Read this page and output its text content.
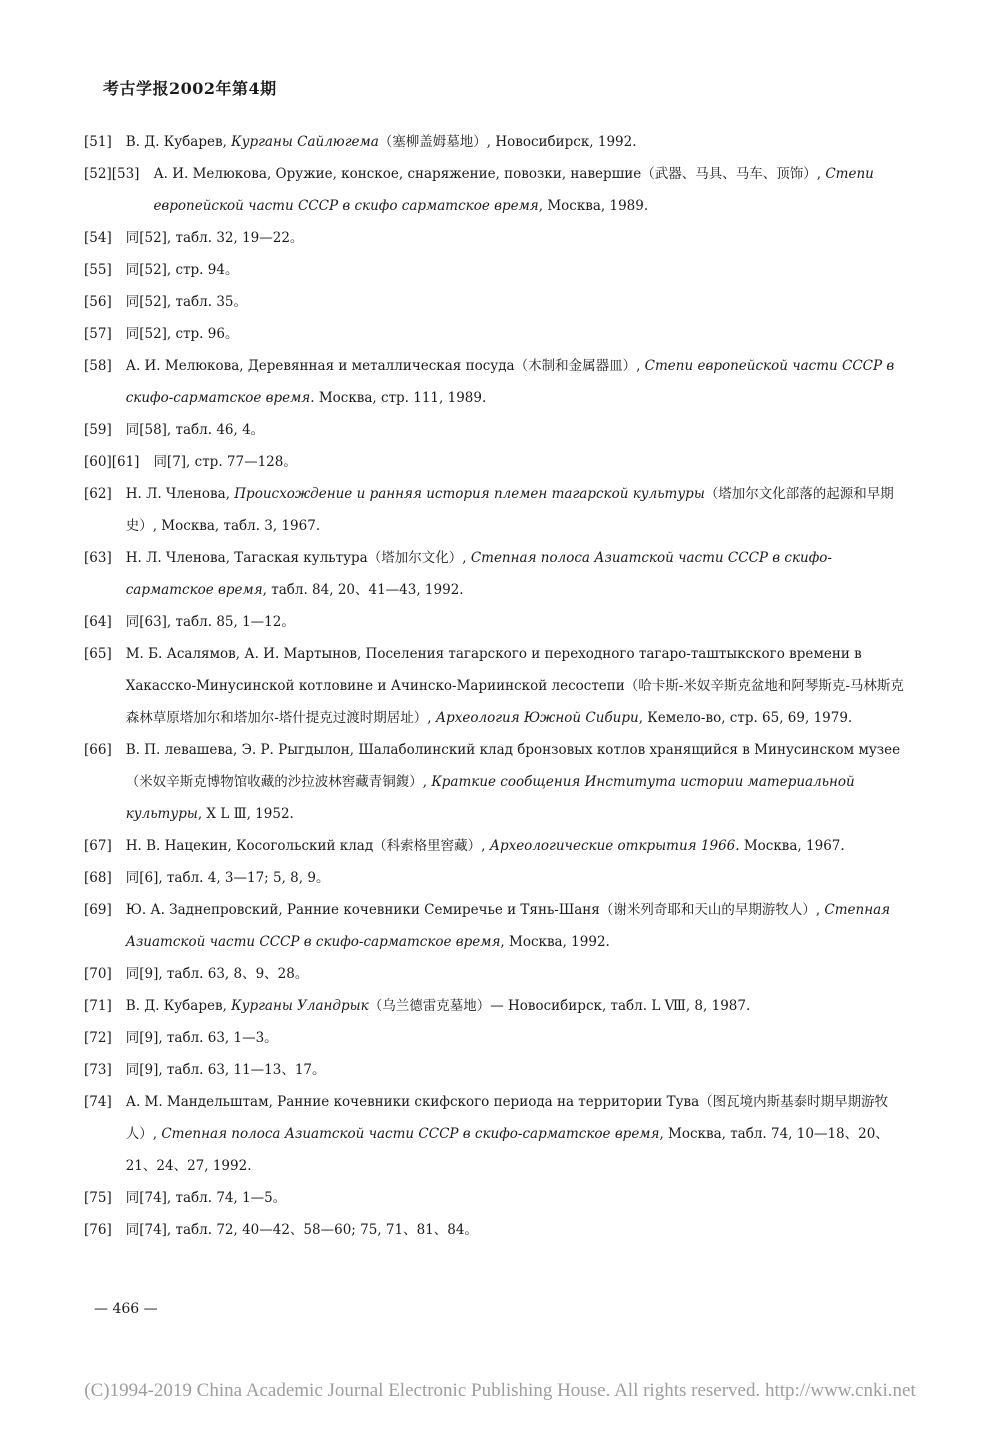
考古学报2002年第4期
[51] В. Д. Кубарев, Курганы Сайлюгема（塞柳盖姆墓地）, Новосибирск, 1992.
[52][53] А. И. Мелюкова, Оружие, конское, снаряжение, повозки, навершие（武器、马具、马车、顶饰）, Степи европейской части СССР в скифо сарматское время, Москва, 1989.
[54] 同[52], табл. 32, 19—22。
[55] 同[52], стр. 94。
[56] 同[52], табл. 35。
[57] 同[52], стр. 96。
[58] А. И. Мелюкова, Деревянная и металлическая посуда（木制和金属器皿）, Степи европейской части СССР в скифо-сарматское время. Москва, стр. 111, 1989.
[59] 同[58], табл. 46, 4。
[60][61] 同[7], стр. 77—128。
[62] Н. Л. Членова, Происхождение и ранняя история племен тагарской культуры（塔加尔文化部落的起源和早期史）, Москва, табл. 3, 1967.
[63] Н. Л. Членова, Тагаская культура（塔加尔文化）, Степная полоса Азиатской части СССР в скифо-сарматское время, табл. 84, 20、41—43, 1992.
[64] 同[63], табл. 85, 1—12。
[65] М. Б. Асалямов, А. И. Мартынов, Поселения тагарского и переходного тагаро-таштыкского времени в Хакасско-Минусинской котловине и Ачинско-Мариинской лесостепи（哈卡斯-米奴辛斯克盆地和阿琴斯克-马林斯克森林草原塔加尔和塔加尔-塔什提克过渡时期居址）, Археология Южной Сибири, Кемело-во, стр. 65, 69, 1979.
[66] В. П. левашева, Э. Р. Рыгдылон, Шалаболинский клад бронзовых котлов хранящийся в Минусинском музее（米奴辛斯克博物馆收藏的沙拉波林窖藏青铜鍑）, Краткие сообщения Института истории материальной культуры, X L Ⅲ, 1952.
[67] Н. В. Нацекин, Косогольский клад（科索格里窖藏）, Археологические открытия 1966. Москва, 1967.
[68] 同[6], табл. 4, 3—17; 5, 8, 9。
[69] Ю. А. Заднепровский, Ранние кочевники Семиречье и Тянь-Шаня（谢米列奇耶和天山的早期游牧人）, Степная Азиатской части СССР в скифо-сарматское время, Москва, 1992.
[70] 同[9], табл. 63, 8、9、28。
[71] В. Д. Кубарев, Курганы Уландрык（乌兰德雷克墓地）— Новосибирск, табл. L Ⅷ, 8, 1987.
[72] 同[9], табл. 63, 1—3。
[73] 同[9], табл. 63, 11—13、17。
[74] А. М. Мандельштам, Ранние кочевники скифского периода на территории Тува（图瓦境内斯基泰时期早期游牧人）, Степная полоса Азиатской части СССР в скифо-сарматское время, Москва, табл. 74, 10—18、20、21、24、27, 1992.
[75] 同[74], табл. 74, 1—5。
[76] 同[74], табл. 72, 40—42、58—60; 75, 71、81、84。
— 466 —
(C)1994-2019 China Academic Journal Electronic Publishing House. All rights reserved. http://www.cnki.net
